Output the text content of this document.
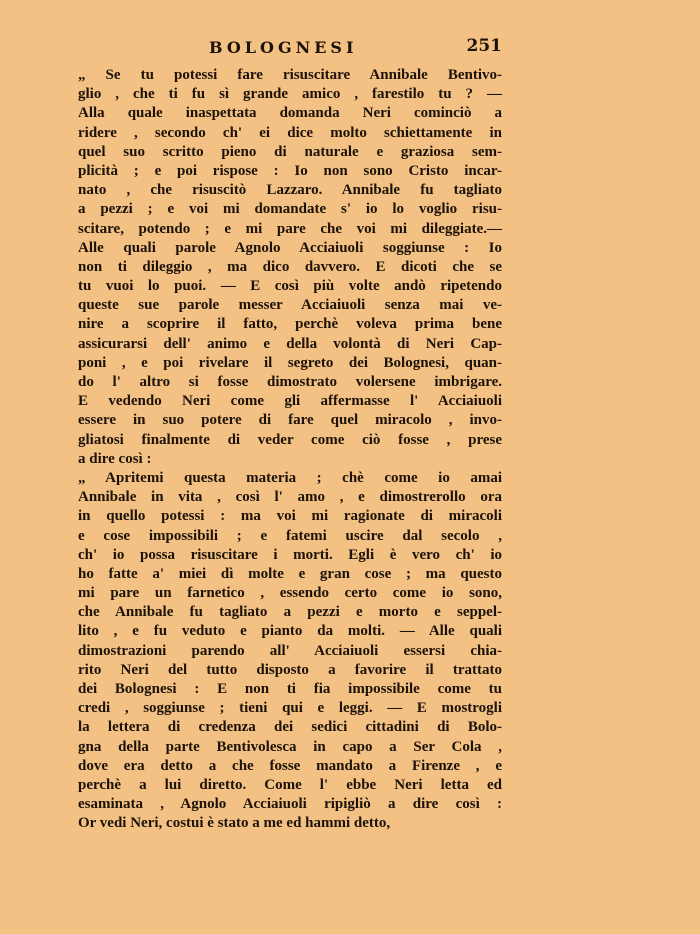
BOLOGNESI	251
„ Se tu potessi fare risuscitare Annibale Bentivo-
glio , che ti fu sì grande amico , farestilo tu ? —
Alla quale inaspettata domanda Neri cominciò a
ridere , secondo ch' ei dice molto schiettamente in
quel suo scritto pieno di naturale e graziosa sem-
plicità ; e poi rispose : Io non sono Cristo incar-
nato , che risuscitò Lazzaro. Annibale fu tagliato
a pezzi ; e voi mi domandate s' io lo voglio risu-
scitare, potendo ; e mi pare che voi mi dileggiate.—
Alle quali parole Agnolo Acciaiuoli soggiunse : Io
non ti dileggio , ma dico davvero. E dicoti che se
tu vuoi lo puoi. — E così più volte andò ripetendo
queste sue parole messer Acciaiuoli senza mai ve-
nire a scoprire il fatto, perchè voleva prima bene
assicurarsi dell' animo e della volontà di Neri Cap-
poni , e poi rivelare il segreto dei Bolognesi, quan-
do l' altro si fosse dimostrato volersene imbrigare.
E vedendo Neri come gli affermasse l' Acciaiuoli
essere in suo potere di fare quel miracolo , invo-
gliatosi finalmente di veder come ciò fosse , prese
a dire così :
„ Apritemi questa materia ; chè come io amai
Annibale in vita , così l' amo , e dimostrerollo ora
in quello potessi : ma voi mi ragionate di miracoli
e cose impossibili ; e fatemi uscire dal secolo ,
ch' io possa risuscitare i morti. Egli è vero ch' io
ho fatte a' miei dì molte e gran cose ; ma questo
mi pare un farnetico , essendo certo come io sono,
che Annibale fu tagliato a pezzi e morto e seppel-
lito , e fu veduto e pianto da molti. — Alle quali
dimostrazioni parendo all' Acciaiuoli essersi chia-
rito Neri del tutto disposto a favorire il trattato
dei Bolognesi : E non ti fia impossibile come tu
credi , soggiunse ; tieni qui e leggi. — E mostrogli
la lettera di credenza dei sedici cittadini di Bolo-
gna della parte Bentivolesca in capo a Ser Cola ,
dove era detto a che fosse mandato a Firenze , e
perchè a lui diretto. Come l' ebbe Neri letta ed
esaminata , Agnolo Acciaiuoli ripigliò a dire così :
Or vedi Neri, costui è stato a me ed hammi detto,
